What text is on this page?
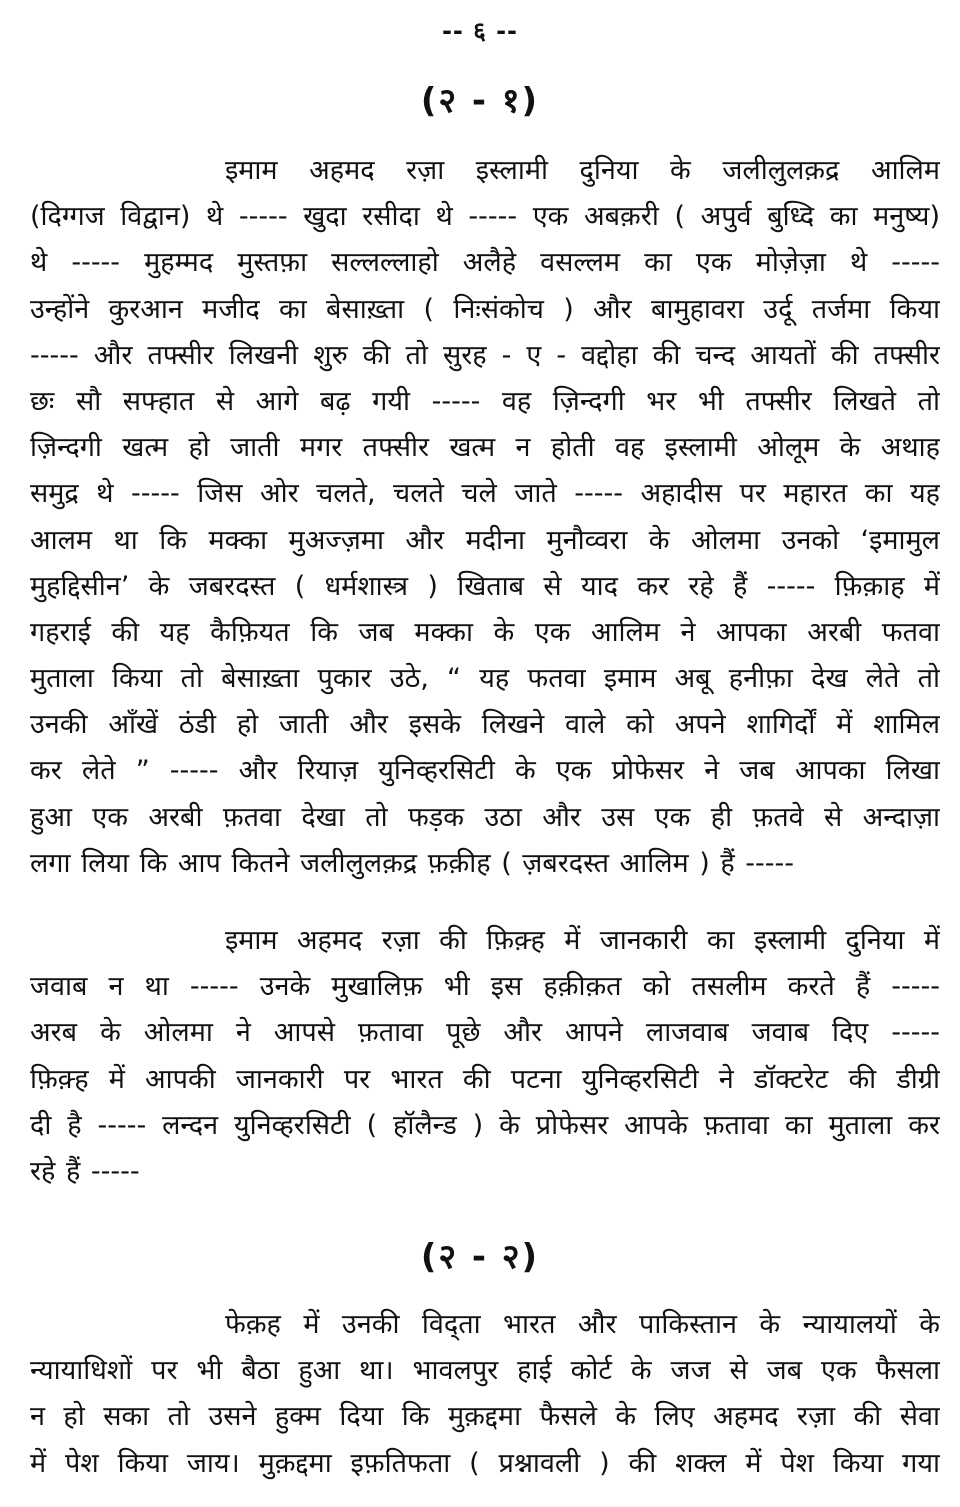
-- ६ --
(२ - १)
इमाम अहमद रज़ा इस्लामी दुनिया के जलीलुलक़द्र आलिम
(दिग्गज विद्वान) थे ----- खुदा रसीदा थे ----- एक अबक़री ( अपुर्व बुध्दि का मनुष्य)
थे ----- मुहम्मद मुस्तफ़ा सल्लल्लाहो अलैहे वसल्लम का एक मोज़ेज़ा थे -----
उन्होंने कुरआन मजीद का बेसाख़्ता ( निःसंकोच ) और बामुहावरा उर्दू तर्जमा किया
----- और तफ्सीर लिखनी शुरु की तो सुरह - ए - वद्दोहा की चन्द आयतों की तफ्सीर
छः सौ सफ्हात से आगे बढ़ गयी ----- वह ज़िन्दगी भर भी तफ्सीर लिखते तो
ज़िन्दगी खत्म हो जाती मगर तफ्सीर खत्म न होती वह इस्लामी ओलूम के अथाह
समुद्र थे ----- जिस ओर चलते, चलते चले जाते ----- अहादीस पर महारत का यह
आलम था कि मक्का मुअज्ज़मा और मदीना मुनौव्वरा के ओलमा उनको ‘इमामुल
मुहद्दिसीन’ के जबरदस्त ( धर्मशास्त्र ) खिताब से याद कर रहे हैं ----- फ़िक़ाह में
गहराई की यह कैफ़ियत कि जब मक्का के एक आलिम ने आपका अरबी फतवा
मुताला किया तो बेसाख़्ता पुकार उठे, “ यह फतवा इमाम अबू हनीफ़ा देख लेते तो
उनकी आँखें ठंडी हो जाती और इसके लिखने वाले को अपने शागिर्दों में शामिल
कर लेते ” ----- और रियाज़ युनिव्हरसिटी के एक प्रोफेसर ने जब आपका लिखा
हुआ एक अरबी फ़तवा देखा तो फड़क उठा और उस एक ही फ़तवे से अन्दाज़ा
लगा लिया कि आप कितने जलीलुलक़द्र फ़क़ीह ( ज़बरदस्त आलिम ) हैं -----
इमाम अहमद रज़ा की फ़िक़्ह में जानकारी का इस्लामी दुनिया में
जवाब न था ----- उनके मुखालिफ़ भी इस हक़ीक़त को तसलीम करते हैं -----
अरब के ओलमा ने आपसे फ़तावा पूछे और आपने लाजवाब जवाब दिए -----
फ़िक़्ह में आपकी जानकारी पर भारत की पटना युनिव्हरसिटी ने डॉक्टरेट की डीग्री
दी है ----- लन्दन युनिव्हरसिटी ( हॉलैन्ड ) के प्रोफेसर आपके फ़तावा का मुताला कर
रहे हैं -----
(२ - २)
फेक़ह में उनकी विद्ता भारत और पाकिस्तान के न्यायालयों के
न्यायाधिशों पर भी बैठा हुआ था। भावलपुर हाई कोर्ट के जज से जब एक फैसला
न हो सका तो उसने हुक्म दिया कि मुक़द्दमा फैसले के लिए अहमद रज़ा की सेवा
में पेश किया जाय। मुक़द्दमा इफ़तिफता ( प्रश्नावली ) की शक्ल में पेश किया गया
